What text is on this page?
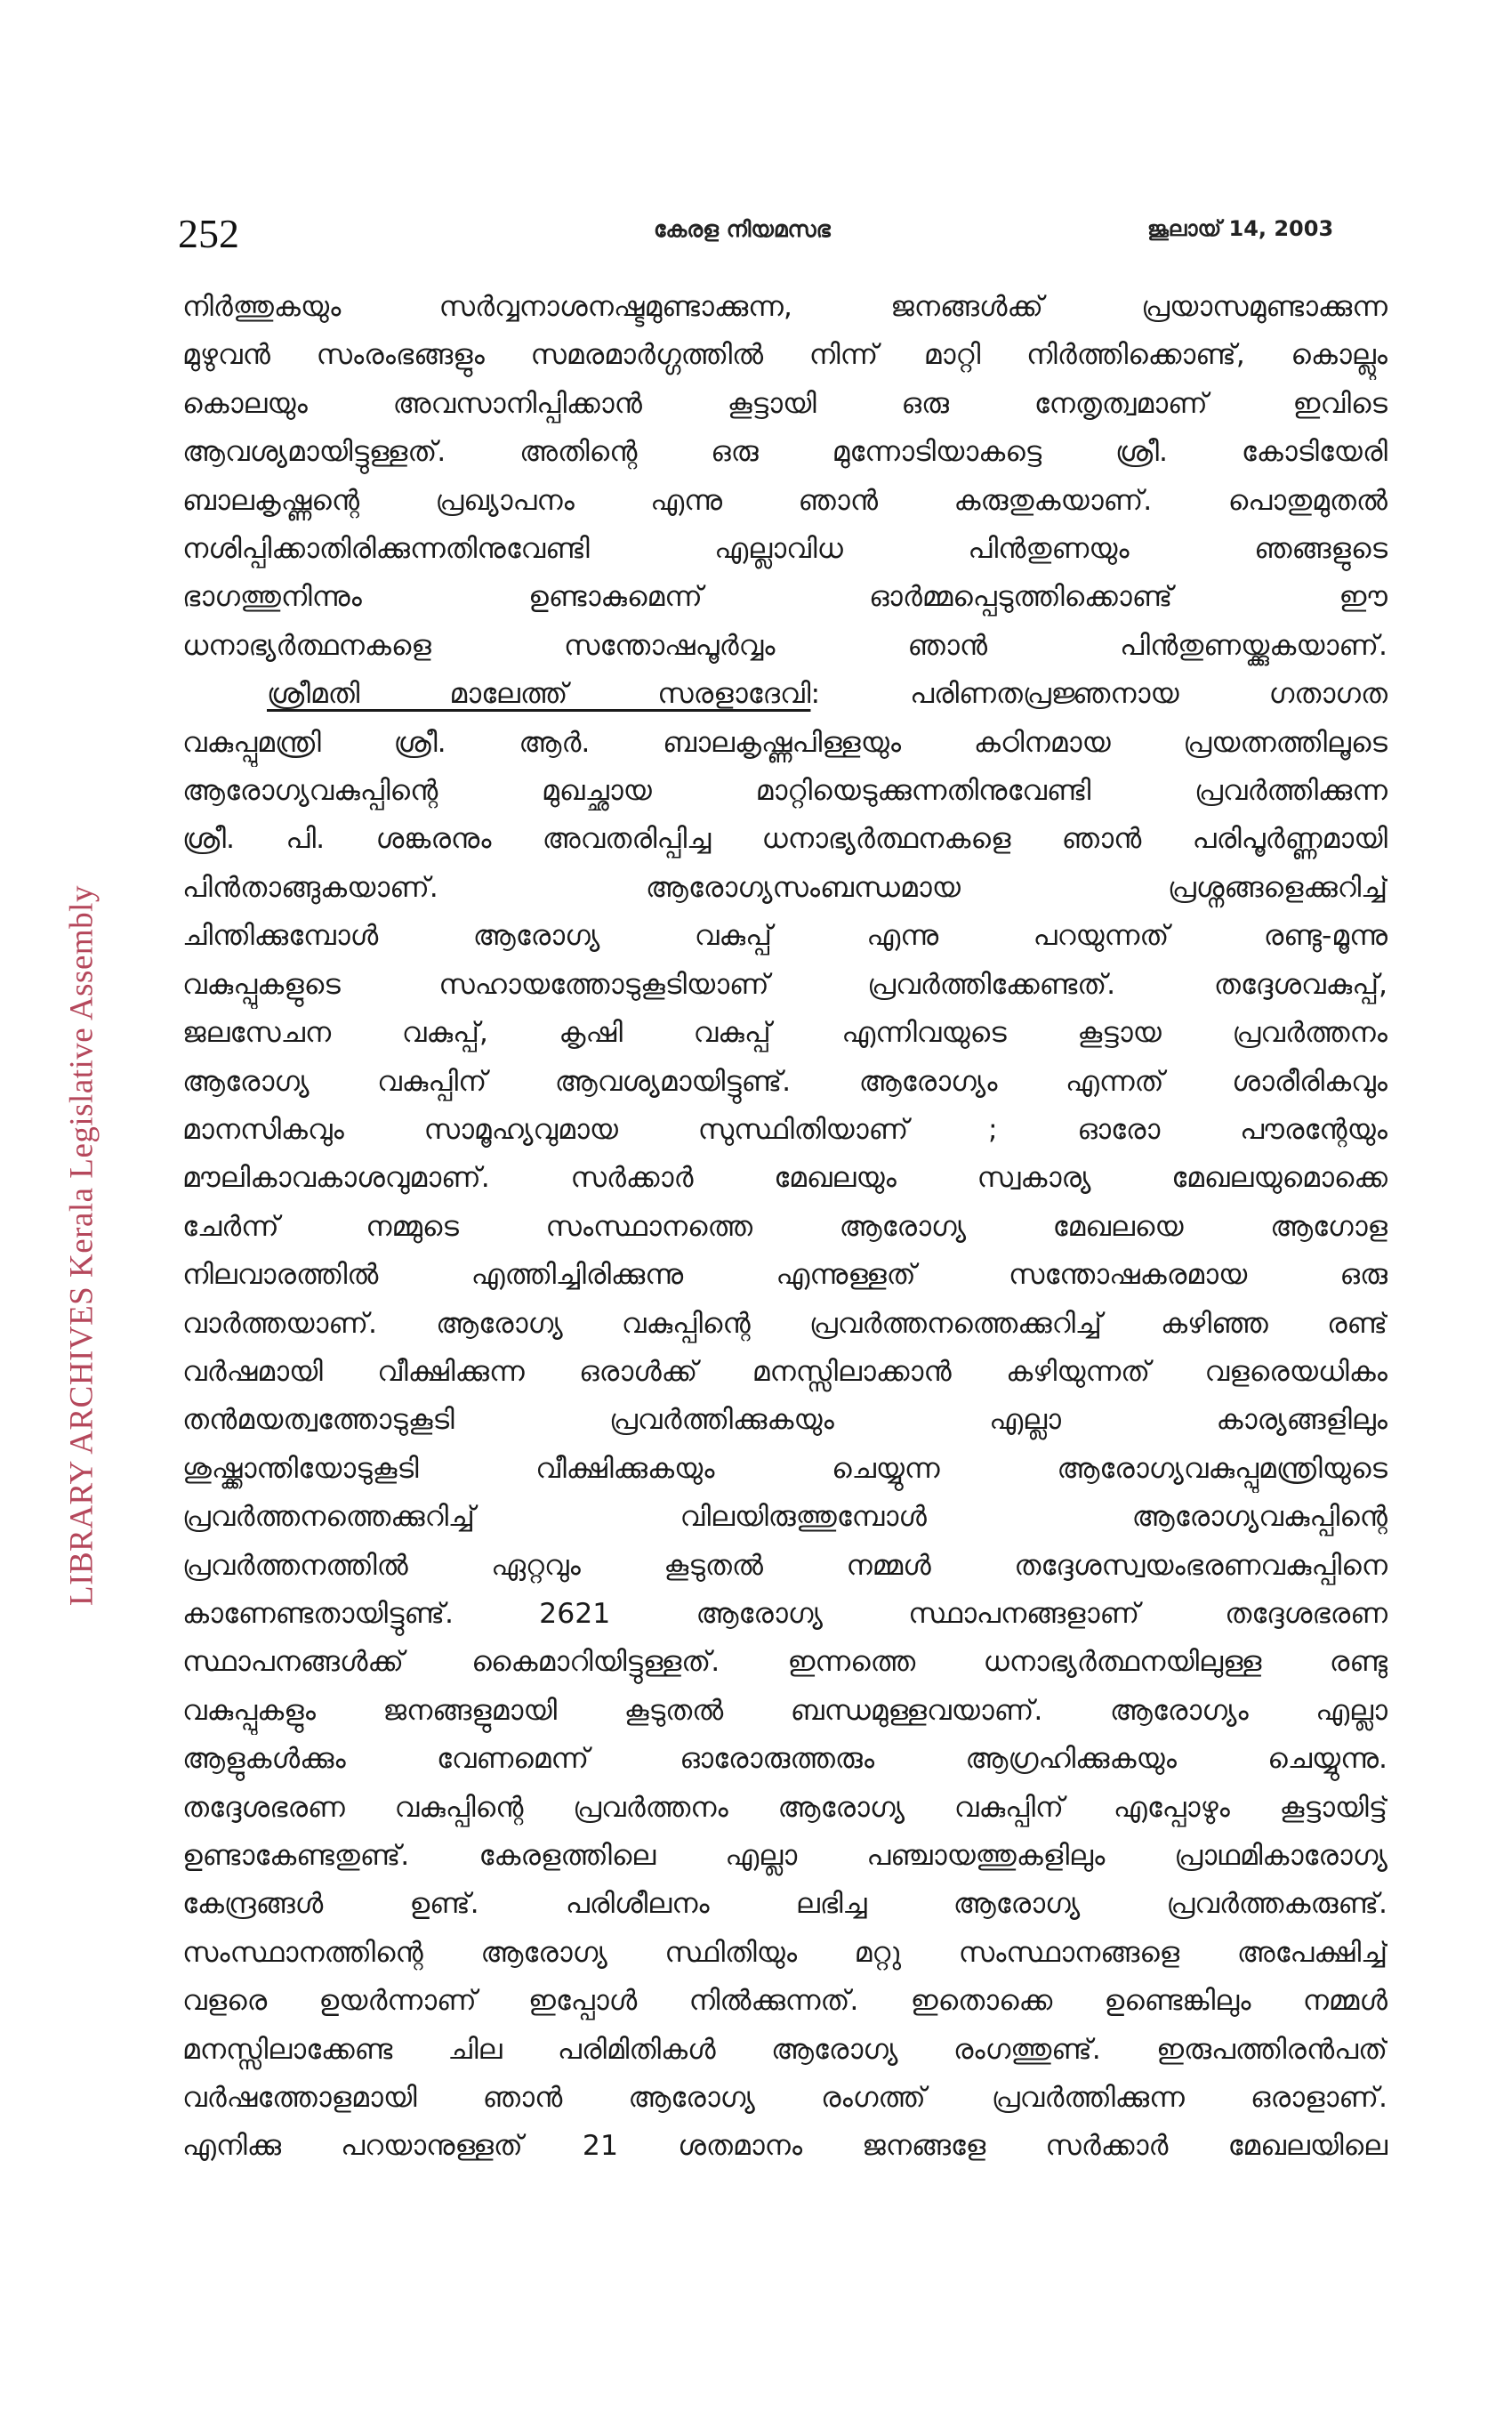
LIBRARY ARCHIVES Kerala Legislative Assembly
252	കേരള നിയമസഭ	ജൂലായ് 14, 2003
നിർത്തുകയും സർവ്വനാശനഷ്ടമുണ്ടാക്കുന്ന, ജനങ്ങൾക്ക് പ്രയാസമുണ്ടാക്കുന്ന
മുഴുവൻ സംരംഭങ്ങളും സമരമാർഗ്ഗത്തിൽ നിന്ന് മാറ്റി നിർത്തിക്കൊണ്ട്, കൊല്ലും
കൊലയും അവസാനിപ്പിക്കാൻ കൂട്ടായി ഒരു നേതൃത്വമാണ് ഇവിടെ
ആവശ്യമായിട്ടുള്ളത്. അതിന്റെ ഒരു മുന്നോടിയാകട്ടെ ശ്രീ. കോടിയേരി
ബാലകൃഷ്ണന്റെ പ്രഖ്യാപനം എന്നു ഞാൻ കരുതുകയാണ്. പൊതുമുതൽ
നശിപ്പിക്കാതിരിക്കുന്നതിനുവേണ്ടി എല്ലാവിധ പിൻതുണയും ഞങ്ങളുടെ
ഭാഗത്തുനിന്നും ഉണ്ടാകുമെന്ന് ഓർമ്മപ്പെടുത്തിക്കൊണ്ട് ഈ
ധനാഭ്യർത്ഥനകളെ സന്തോഷപൂർവ്വം ഞാൻ പിൻതുണയ്ക്കുകയാണ്.
ശ്രീമതി മാലേത്ത് സരളാദേവി: പരിണതപ്രജ്ഞനായ ഗതാഗത
വകുപ്പുമന്ത്രി ശ്രീ. ആർ. ബാലകൃഷ്ണപിള്ളയും കഠിനമായ പ്രയത്നത്തിലൂടെ
ആരോഗ്യവകുപ്പിന്റെ മുഖച്ഛായ മാറ്റിയെടുക്കുന്നതിനുവേണ്ടി പ്രവർത്തിക്കുന്ന
ശ്രീ. പി. ശങ്കരനും അവതരിപ്പിച്ച ധനാഭ്യർത്ഥനകളെ ഞാൻ പരിപൂർണ്ണമായി
പിൻതാങ്ങുകയാണ്. ആരോഗ്യസംബന്ധമായ പ്രശ്നങ്ങളെക്കുറിച്ച്
ചിന്തിക്കുമ്പോൾ ആരോഗ്യ വകുപ്പ് എന്നു പറയുന്നത് രണ്ടു-മൂന്നു
വകുപ്പുകളുടെ സഹായത്തോടുകൂടിയാണ് പ്രവർത്തിക്കേണ്ടത്. തദ്ദേശവകുപ്പ്,
ജലസേചന വകുപ്പ്, കൃഷി വകുപ്പ് എന്നിവയുടെ കൂട്ടായ പ്രവർത്തനം
ആരോഗ്യ വകുപ്പിന് ആവശ്യമായിട്ടുണ്ട്. ആരോഗ്യം എന്നത് ശാരീരികവും
മാനസികവും സാമൂഹ്യവുമായ സുസ്ഥിതിയാണ് ; ഓരോ പൗരന്റേയും
മൗലികാവകാശവുമാണ്. സർക്കാർ മേഖലയും സ്വകാര്യ മേഖലയുമൊക്കെ
ചേർന്ന് നമ്മുടെ സംസ്ഥാനത്തെ ആരോഗ്യ മേഖലയെ ആഗോള
നിലവാരത്തിൽ എത്തിച്ചിരിക്കുന്നു എന്നുള്ളത് സന്തോഷകരമായ ഒരു
വാർത്തയാണ്. ആരോഗ്യ വകുപ്പിന്റെ പ്രവർത്തനത്തെക്കുറിച്ച് കഴിഞ്ഞ രണ്ട്
വർഷമായി വീക്ഷിക്കുന്ന ഒരാൾക്ക് മനസ്സിലാക്കാൻ കഴിയുന്നത് വളരെയധികം
തൻമയത്വത്തോടുകൂടി പ്രവർത്തിക്കുകയും എല്ലാ കാര്യങ്ങളിലും
ശുഷ്ക്കാന്തിയോടുകൂടി വീക്ഷിക്കുകയും ചെയ്യുന്ന ആരോഗ്യവകുപ്പുമന്ത്രിയുടെ
പ്രവർത്തനത്തെക്കുറിച്ച് വിലയിരുത്തുമ്പോൾ ആരോഗ്യവകുപ്പിന്റെ
പ്രവർത്തനത്തിൽ ഏറ്റവും കൂടുതൽ നമ്മൾ തദ്ദേശസ്വയംഭരണവകുപ്പിനെ
കാണേണ്ടതായിട്ടുണ്ട്. 2621 ആരോഗ്യ സ്ഥാപനങ്ങളാണ് തദ്ദേശഭരണ
സ്ഥാപനങ്ങൾക്ക് കൈമാറിയിട്ടുള്ളത്. ഇന്നത്തെ ധനാഭ്യർത്ഥനയിലുള്ള രണ്ടു
വകുപ്പുകളും ജനങ്ങളുമായി കൂടുതൽ ബന്ധമുള്ളവയാണ്. ആരോഗ്യം എല്ലാ
ആളുകൾക്കും വേണമെന്ന് ഓരോരുത്തരും ആഗ്രഹിക്കുകയും ചെയ്യുന്നു.
തദ്ദേശഭരണ വകുപ്പിന്റെ പ്രവർത്തനം ആരോഗ്യ വകുപ്പിന് എപ്പോഴും കൂട്ടായിട്ട്
ഉണ്ടാകേണ്ടതുണ്ട്. കേരളത്തിലെ എല്ലാ പഞ്ചായത്തുകളിലും പ്രാഥമികാരോഗ്യ
കേന്ദ്രങ്ങൾ ഉണ്ട്. പരിശീലനം ലഭിച്ച ആരോഗ്യ പ്രവർത്തകരുണ്ട്.
സംസ്ഥാനത്തിന്റെ ആരോഗ്യ സ്ഥിതിയും മറ്റു സംസ്ഥാനങ്ങളെ അപേക്ഷിച്ച്
വളരെ ഉയർന്നാണ് ഇപ്പോൾ നിൽക്കുന്നത്. ഇതൊക്കെ ഉണ്ടെങ്കിലും നമ്മൾ
മനസ്സിലാക്കേണ്ട ചില പരിമിതികൾ ആരോഗ്യ രംഗത്തുണ്ട്. ഇരുപത്തിരൻപത്
വർഷത്തോളമായി ഞാൻ ആരോഗ്യ രംഗത്ത് പ്രവർത്തിക്കുന്ന ഒരാളാണ്.
എനിക്കു പറയാനുള്ളത് 21 ശതമാനം ജനങ്ങളേ സർക്കാർ മേഖലയിലെ
